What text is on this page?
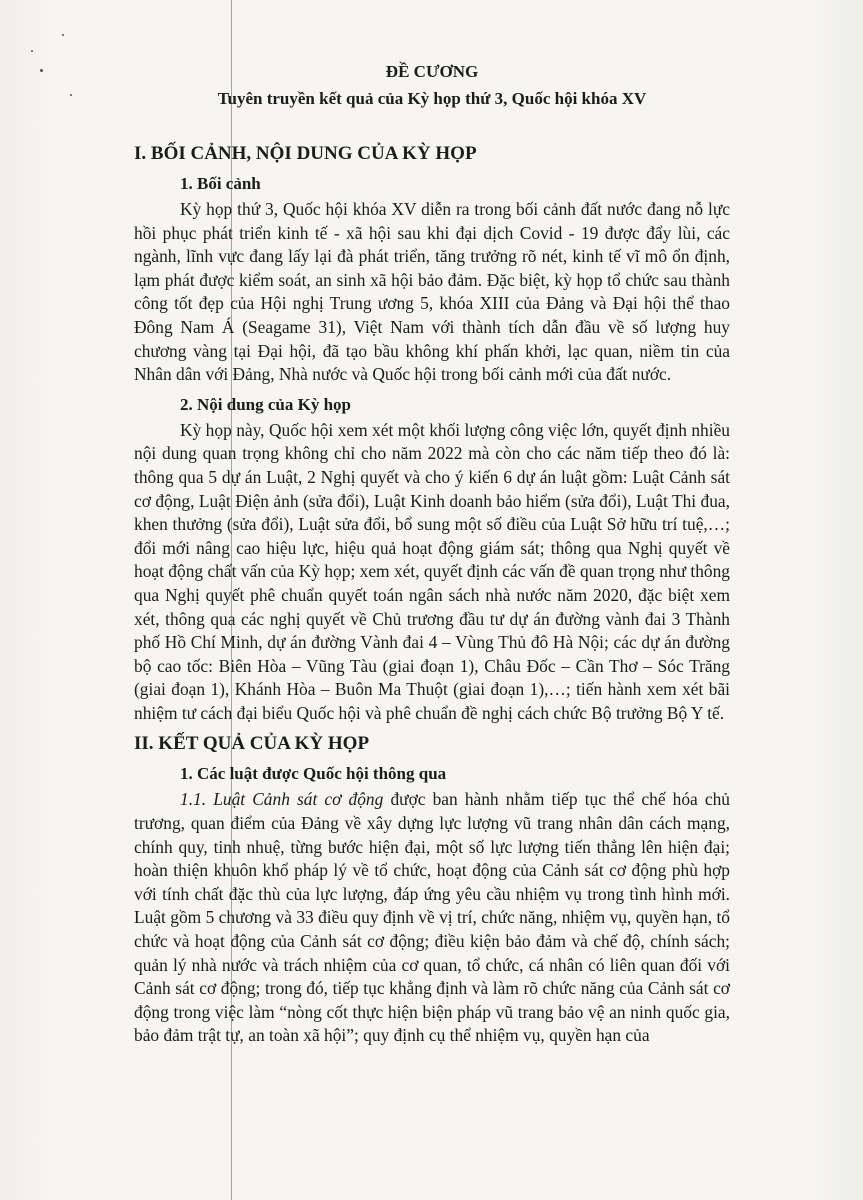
ĐỀ CƯƠNG
Tuyên truyền kết quả của Kỳ họp thứ 3, Quốc hội khóa XV
I. BỐI CẢNH, NỘI DUNG CỦA KỲ HỌP
1. Bối cảnh

Kỳ họp thứ 3, Quốc hội khóa XV diễn ra trong bối cảnh đất nước đang nỗ lực hồi phục phát triển kinh tế - xã hội sau khi đại dịch Covid - 19 được đẩy lùi, các ngành, lĩnh vực đang lấy lại đà phát triển, tăng trưởng rõ nét, kinh tế vĩ mô ổn định, lạm phát được kiểm soát, an sinh xã hội bảo đảm. Đặc biệt, kỳ họp tổ chức sau thành công tốt đẹp của Hội nghị Trung ương 5, khóa XIII của Đảng và Đại hội thể thao Đông Nam Á (Seagame 31), Việt Nam với thành tích dẫn đầu về số lượng huy chương vàng tại Đại hội, đã tạo bầu không khí phấn khởi, lạc quan, niềm tin của Nhân dân với Đảng, Nhà nước và Quốc hội trong bối cảnh mới của đất nước.

2. Nội dung của Kỳ họp

Kỳ họp này, Quốc hội xem xét một khối lượng công việc lớn, quyết định nhiều nội dung quan trọng không chỉ cho năm 2022 mà còn cho các năm tiếp theo đó là: thông qua 5 dự án Luật, 2 Nghị quyết và cho ý kiến 6 dự án luật gồm: Luật Cảnh sát cơ động, Luật Điện ảnh (sửa đổi), Luật Kinh doanh bảo hiểm (sửa đổi), Luật Thi đua, khen thưởng (sửa đổi), Luật sửa đổi, bổ sung một số điều của Luật Sở hữu trí tuệ,…; đổi mới nâng cao hiệu lực, hiệu quả hoạt động giám sát; thông qua Nghị quyết về hoạt động chất vấn của Kỳ họp; xem xét, quyết định các vấn đề quan trọng như thông qua Nghị quyết phê chuẩn quyết toán ngân sách nhà nước năm 2020, đặc biệt xem xét, thông qua các nghị quyết về Chủ trương đầu tư dự án đường vành đai 3 Thành phố Hồ Chí Minh, dự án đường Vành đai 4 – Vùng Thủ đô Hà Nội; các dự án đường bộ cao tốc: Biên Hòa – Vũng Tàu (giai đoạn 1), Châu Đốc – Cần Thơ – Sóc Trăng (giai đoạn 1), Khánh Hòa – Buôn Ma Thuột (giai đoạn 1),…; tiến hành xem xét bãi nhiệm tư cách đại biểu Quốc hội và phê chuẩn đề nghị cách chức Bộ trưởng Bộ Y tế.

II. KẾT QUẢ CỦA KỲ HỌP
1. Các luật được Quốc hội thông qua

1.1. Luật Cảnh sát cơ động được ban hành nhằm tiếp tục thể chế hóa chủ trương, quan điểm của Đảng về xây dựng lực lượng vũ trang nhân dân cách mạng, chính quy, tinh nhuệ, từng bước hiện đại, một số lực lượng tiến thẳng lên hiện đại; hoàn thiện khuôn khổ pháp lý về tổ chức, hoạt động của Cảnh sát cơ động phù hợp với tính chất đặc thù của lực lượng, đáp ứng yêu cầu nhiệm vụ trong tình hình mới. Luật gồm 5 chương và 33 điều quy định về vị trí, chức năng, nhiệm vụ, quyền hạn, tổ chức và hoạt động của Cảnh sát cơ động; điều kiện bảo đảm và chế độ, chính sách; quản lý nhà nước và trách nhiệm của cơ quan, tổ chức, cá nhân có liên quan đối với Cảnh sát cơ động; trong đó, tiếp tục khẳng định và làm rõ chức năng của Cảnh sát cơ động trong việc làm “nòng cốt thực hiện biện pháp vũ trang bảo vệ an ninh quốc gia, bảo đảm trật tự, an toàn xã hội”; quy định cụ thể nhiệm vụ, quyền hạn của
